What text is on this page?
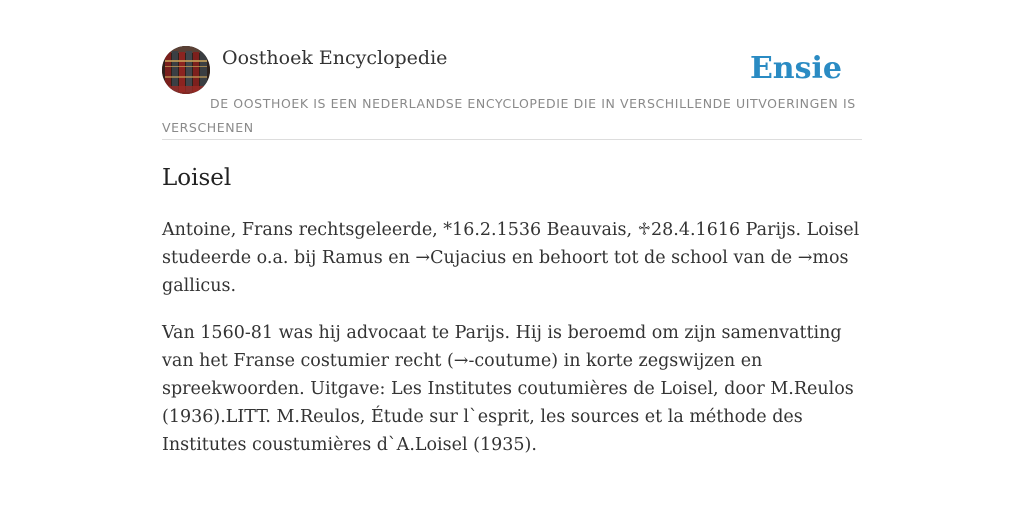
Oosthoek Encyclopedie	Ensie
DE OOSTHOEK IS EEN NEDERLANDSE ENCYCLOPEDIE DIE IN VERSCHILLENDE UITVOERINGEN IS VERSCHENEN
Loisel

Antoine, Frans rechtsgeleerde, *16.2.1536 Beauvais, ♱28.4.1616 Parijs. Loisel studeerde o.a. bij Ramus en →Cujacius en behoort tot de school van de →mos gallicus.

Van 1560-81 was hij advocaat te Parijs. Hij is beroemd om zijn samenvatting van het Franse costumier recht (→-coutume) in korte zegswijzen en spreekwoorden. Uitgave: Les Institutes coutumières de Loisel, door M.Reulos (1936).LITT. M.Reulos, Étude sur l`esprit, les sources et la méthode des Institutes coustumières d`A.Loisel (1935).
